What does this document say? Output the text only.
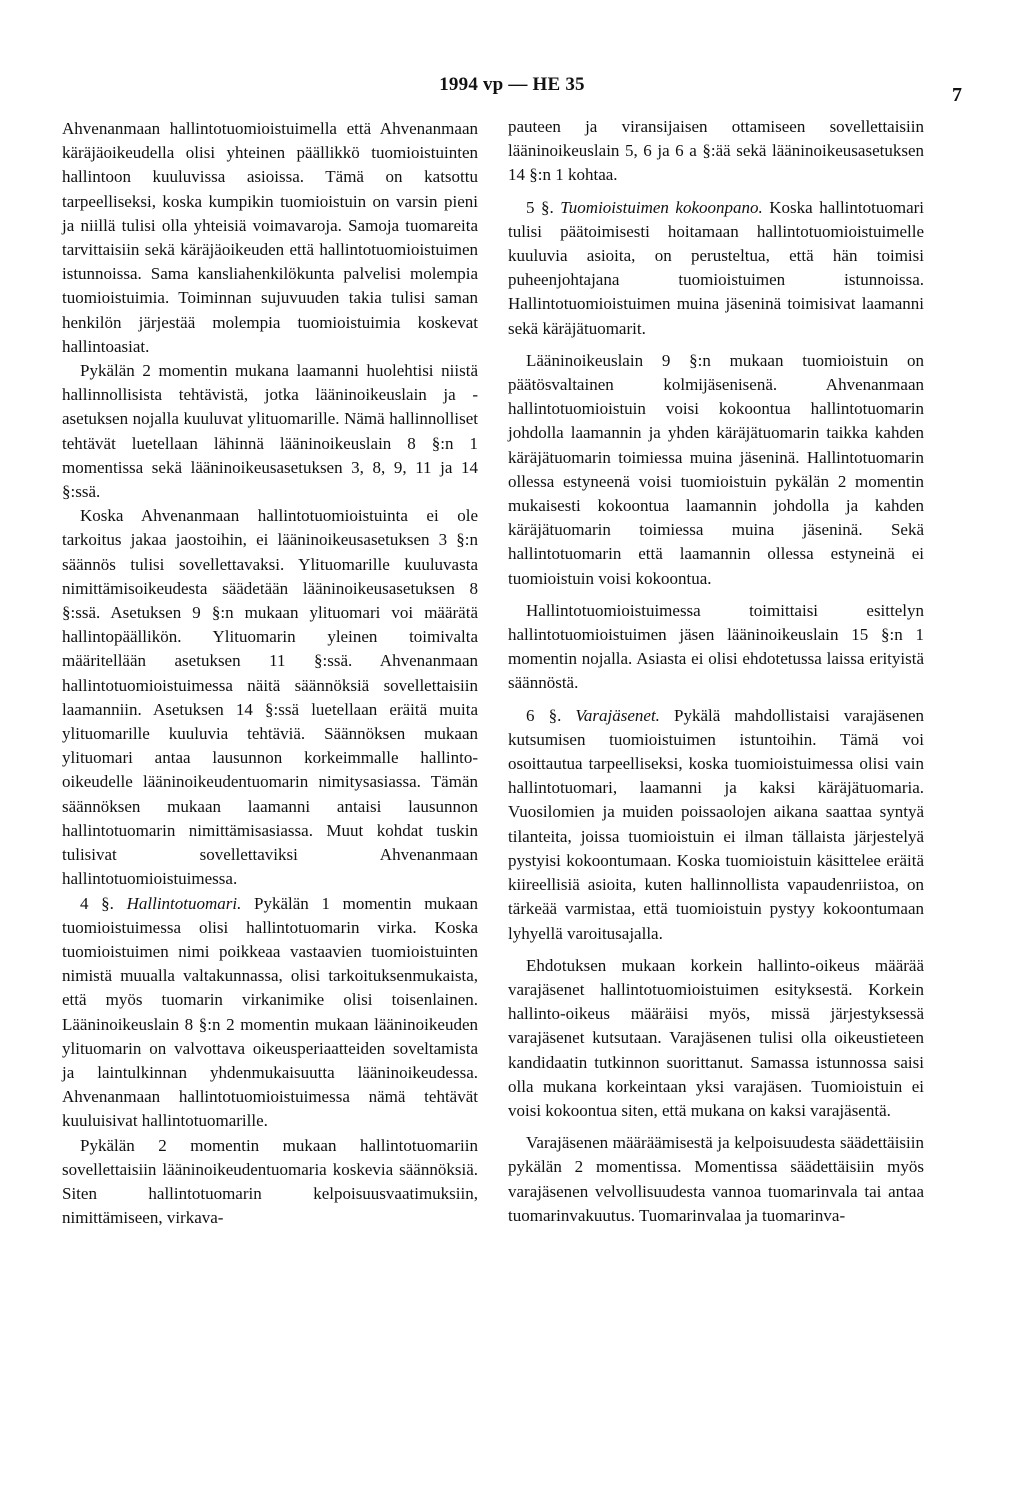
1994 vp — HE 35	7

Ahvenanmaan hallintotuomioistuimella että Ahvenanmaan käräjäoikeudella olisi yhteinen päällikkö tuomioistuinten hallintoon kuuluvissa asioissa. Tämä on katsottu tarpeelliseksi, koska kumpikin tuomioistuin on varsin pieni ja niillä tulisi olla yhteisiä voimavaroja. Samoja tuomareita tarvittaisiin sekä käräjäoikeuden että hallintotuomioistuimen istunnoissa. Sama kansliahenkilökunta palvelisi molempia tuomioistuimia. Toiminnan sujuvuuden takia tulisi saman henkilön järjestää molempia tuomioistuimia koskevat hallintoasiat.

Pykälän 2 momentin mukana laamanni huolehtisi niistä hallinnollisista tehtävistä, jotka lääninoikeuslain ja -asetuksen nojalla kuuluvat ylituomarille. Nämä hallinnolliset tehtävät luetellaan lähinnä lääninoikeuslain 8 §:n 1 momentissa sekä lääninoikeusasetuksen 3, 8, 9, 11 ja 14 §:ssä.

Koska Ahvenanmaan hallintotuomioistuinta ei ole tarkoitus jakaa jaostoihin, ei lääninoikeusasetuksen 3 §:n säännös tulisi sovellettavaksi. Ylituomarille kuuluvasta nimittämisoikeudesta säädetään lääninoikeusasetuksen 8 §:ssä. Asetuksen 9 §:n mukaan ylituomari voi määrätä hallintopäällikön. Ylituomarin yleinen toimivalta määritellään asetuksen 11 §:ssä. Ahvenanmaan hallintotuomioistuimessa näitä säännöksiä sovellettaisiin laamanniin. Asetuksen 14 §:ssä luetellaan eräitä muita ylituomarille kuuluvia tehtäviä. Säännöksen mukaan ylituomari antaa lausunnon korkeimmalle hallinto-oikeudelle lääninoikeudentuomarin nimitysasiassa. Tämän säännöksen mukaan laamanni antaisi lausunnon hallintotuomarin nimittämisasiassa. Muut kohdat tuskin tulisivat sovellettaviksi Ahvenanmaan hallintotuomioistuimessa.

4 §. Hallintotuomari. Pykälän 1 momentin mukaan tuomioistuimessa olisi hallintotuomarin virka. Koska tuomioistuimen nimi poikkeaa vastaavien tuomioistuinten nimistä muualla valtakunnassa, olisi tarkoituksenmukaista, että myös tuomarin virkanimike olisi toisenlainen. Lääninoikeuslain 8 §:n 2 momentin mukaan lääninoikeuden ylituomarin on valvottava oikeusperiaatteiden soveltamista ja laintulkinnan yhdenmukaisuutta lääninoikeudessa. Ahvenanmaan hallintotuomioistuimessa nämä tehtävät kuuluisivat hallintotuomarille.

Pykälän 2 momentin mukaan hallintotuomariin sovellettaisiin lääninoikeudentuomaria koskevia säännöksiä. Siten hallintotuomarin kelpoisuusvaatimuksiin, nimittämiseen, virkava-

pauteen ja viransijaisen ottamiseen sovellettaisiin lääninoikeuslain 5, 6 ja 6 a §:ää sekä lääninoikeusasetuksen 14 §:n 1 kohtaa.

5 §. Tuomioistuimen kokoonpano. Koska hallintotuomari tulisi päätoimisesti hoitamaan hallintotuomioistuimelle kuuluvia asioita, on perusteltua, että hän toimisi puheenjohtajana tuomioistuimen istunnoissa. Hallintotuomioistuimen muina jäseninä toimisivat laamanni sekä käräjätuomarit.

Lääninoikeuslain 9 §:n mukaan tuomioistuin on päätösvaltainen kolmijäsenisenä. Ahvenanmaan hallintotuomioistuin voisi kokoontua hallintotuomarin johdolla laamannin ja yhden käräjätuomarin taikka kahden käräjätuomarin toimiessa muina jäseninä. Hallintotuomarin ollessa estyneenä voisi tuomioistuin pykälän 2 momentin mukaisesti kokoontua laamannin johdolla ja kahden käräjätuomarin toimiessa muina jäseninä. Sekä hallintotuomarin että laamannin ollessa estyneinä ei tuomioistuin voisi kokoontua.

Hallintotuomioistuimessa toimittaisi esittelyn hallintotuomioistuimen jäsen lääninoikeuslain 15 §:n 1 momentin nojalla. Asiasta ei olisi ehdotetussa laissa erityistä säännöstä.

6 §. Varajäsenet. Pykälä mahdollistaisi varajäsenen kutsumisen tuomioistuimen istuntoihin. Tämä voi osoittautua tarpeelliseksi, koska tuomioistuimessa olisi vain hallintotuomari, laamanni ja kaksi käräjätuomaria. Vuosilomien ja muiden poissaolojen aikana saattaa syntyä tilanteita, joissa tuomioistuin ei ilman tällaista järjestelyä pystyisi kokoontumaan. Koska tuomioistuin käsittelee eräitä kiireellisiä asioita, kuten hallinnollista vapaudenriistoa, on tärkeää varmistaa, että tuomioistuin pystyy kokoontumaan lyhyellä varoitusajalla.

Ehdotuksen mukaan korkein hallinto-oikeus määrää varajäsenet hallintotuomioistuimen esityksestä. Korkein hallinto-oikeus määräisi myös, missä järjestyksessä varajäsenet kutsutaan. Varajäsenen tulisi olla oikeustieteen kandidaatin tutkinnon suorittanut. Samassa istunnossa saisi olla mukana korkeintaan yksi varajäsen. Tuomioistuin ei voisi kokoontua siten, että mukana on kaksi varajäsentä.

Varajäsenen määräämisestä ja kelpoisuudesta säädettäisiin pykälän 2 momentissa. Momentissa säädettäisiin myös varajäsenen velvollisuudesta vannoa tuomarinvala tai antaa tuomarinvakuutus. Tuomarinvalaa ja tuomarinva-
